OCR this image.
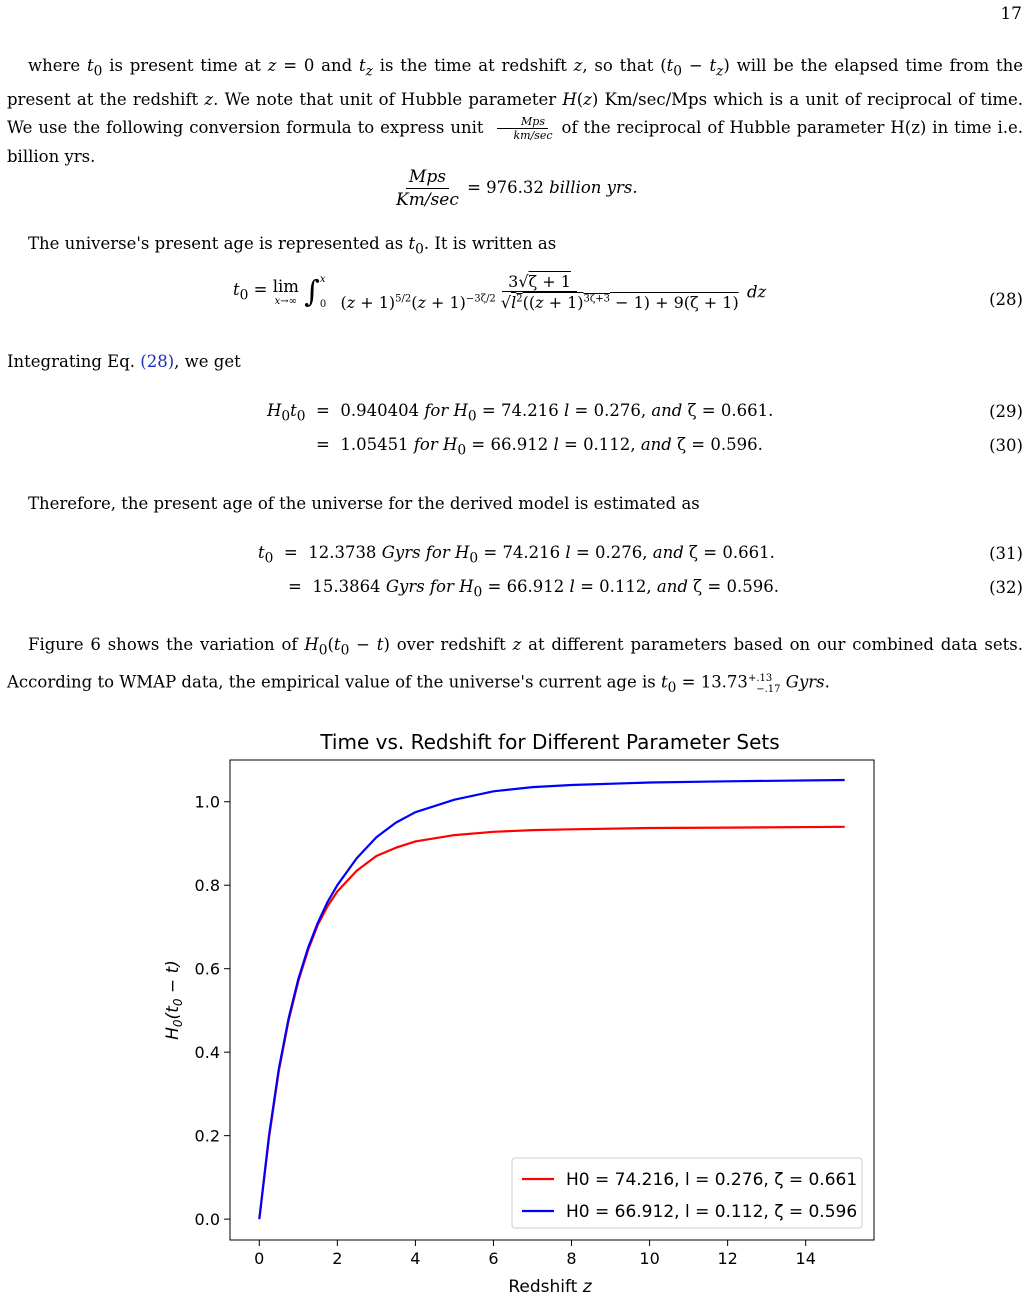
17
where $t_0$ is present time at z = 0 and $t_z$ is the time at redshift z, so that $(t_0 - t_z)$ will be the elapsed time from the present at the redshift z. We note that unit of Hubble parameter H(z) Km/sec/Mps which is a unit of reciprocal of time. We use the following conversion formula to express unit $\frac{\text{Mps}}{km/\sec}$ of the reciprocal of Hubble parameter H(z) in time i.e. billion yrs.
$\frac{\text{Mps}}{Km/\sec} = 976.32$ billion yrs.
The universe's present age is represented as $t_0$. It is written as
$t_0 = \lim$
x→∞ ∫ x
0
$\frac{3√\zeta + 1}{(z + 1)^{5/2}(z + 1)^{-3\zeta/2} √l^2((z + 1)^{3\zeta+3} - 1) + 9(\zeta + 1)}$ dz	(28)
Integrating Eq. (28), we get
$H_0t_0 = 0.940404$ for $H_0 = 74.216$ l = 0.276, and ζ = 0.661.	(29)
=  1.05451 for $H_0 = 66.912$ l = 0.112, and ζ = 0.596.	(30)
Therefore, the present age of the universe for the derived model is estimated as
$t_0 = 12.3738$ Gyrs for $H_0 = 74.216$ l = 0.276, and ζ = 0.661.	(31)
=  15.3864 Gyrs for $H_0 = 66.912$ l = 0.112, and ζ = 0.596.	(32)
Figure 6 shows the variation of $H_0(t_0 - t)$ over redshift z at different parameters based on our combined data sets. According to WMAP data, the empirical value of the universe's current age is $t_0 = 13.73^{+.13}_{-.17}$ Gyrs.
Time vs. Redshift for Different Parameter Sets
0.0
0.2
0.4
0.6
0.8
1.0
0	2	4	6	8	10	12	14
Redshift z
$H_0(t_0 - t)$
H0 = 74.216, l = 0.276, ζ = 0.661
H0 = 66.912, l = 0.112, ζ = 0.596
